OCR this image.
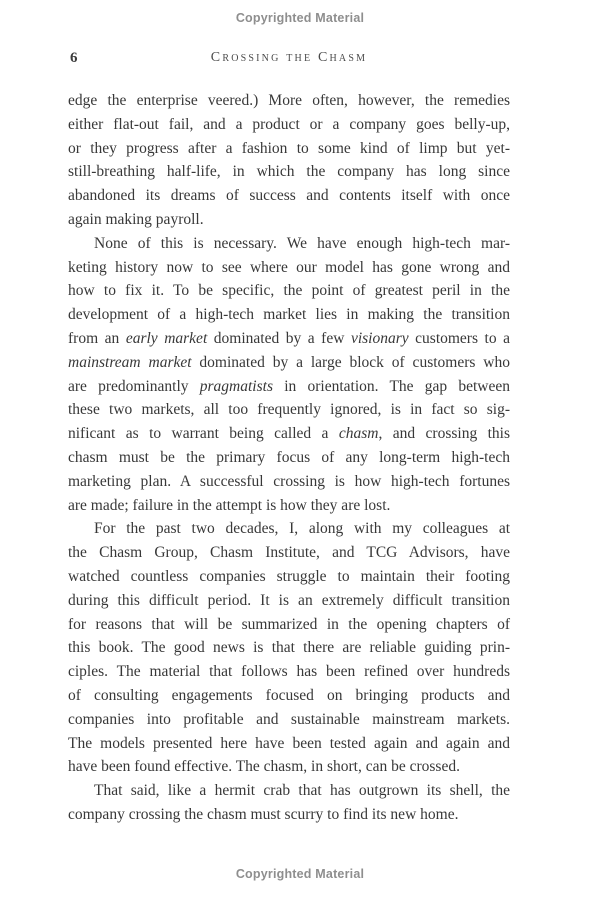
Copyrighted Material
6	Crossing the Chasm
edge the enterprise veered.) More often, however, the remedies
either flat-out fail, and a product or a company goes belly-up,
or they progress after a fashion to some kind of limp but yet-
still-breathing half-life, in which the company has long since
abandoned its dreams of success and contents itself with once
again making payroll.
None of this is necessary. We have enough high-tech mar-
keting history now to see where our model has gone wrong and
how to fix it. To be specific, the point of greatest peril in the
development of a high-tech market lies in making the transition
from an early market dominated by a few visionary customers to a
mainstream market dominated by a large block of customers who
are predominantly pragmatists in orientation. The gap between
these two markets, all too frequently ignored, is in fact so sig-
nificant as to warrant being called a chasm, and crossing this
chasm must be the primary focus of any long-term high-tech
marketing plan. A successful crossing is how high-tech fortunes
are made; failure in the attempt is how they are lost.
For the past two decades, I, along with my colleagues at
the Chasm Group, Chasm Institute, and TCG Advisors, have
watched countless companies struggle to maintain their footing
during this difficult period. It is an extremely difficult transition
for reasons that will be summarized in the opening chapters of
this book. The good news is that there are reliable guiding prin-
ciples. The material that follows has been refined over hundreds
of consulting engagements focused on bringing products and
companies into profitable and sustainable mainstream markets.
The models presented here have been tested again and again and
have been found effective. The chasm, in short, can be crossed.
That said, like a hermit crab that has outgrown its shell, the
company crossing the chasm must scurry to find its new home.
Copyrighted Material
